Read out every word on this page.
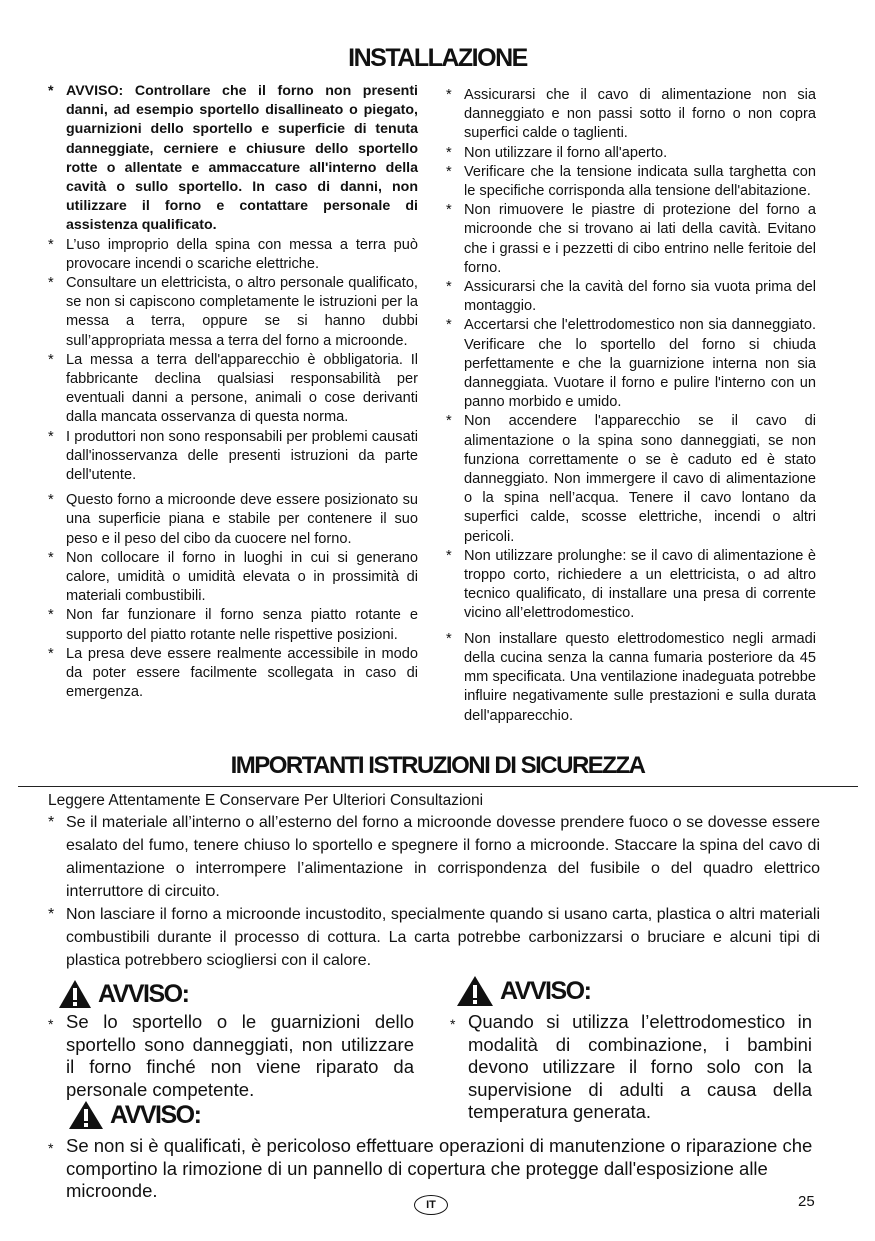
INSTALLAZIONE

* AVVISO: Controllare che il forno non presenti danni, ad esempio sportello disallineato o piegato, guarnizioni dello sportello e superficie di tenuta danneggiate, cerniere e chiusure dello sportello rotte o allentate e ammaccature all'interno della cavità o sullo sportello. In caso di danni, non utilizzare il forno e contattare personale di assistenza qualificato.

* L’uso improprio della spina con messa a terra può provocare incendi o scariche elettriche.

* Consultare un elettricista, o altro personale qualificato, se non si capiscono completamente le istruzioni per la messa a terra, oppure se si hanno dubbi sull’appropriata messa a terra del forno a microonde.

* La messa a terra dell'apparecchio è obbligatoria. Il fabbricante declina qualsiasi responsabilità per eventuali danni a persone, animali o cose derivanti dalla mancata osservanza di questa norma.

* I produttori non sono responsabili per problemi causati dall'inosservanza delle presenti istruzioni da parte dell'utente.

* Questo forno a microonde deve essere posizionato su una superficie piana e stabile per contenere il suo peso e il peso del cibo da cuocere nel forno.

* Non collocare il forno in luoghi in cui si generano calore, umidità o umidità elevata o in prossimità di materiali combustibili.

* Non far funzionare il forno senza piatto rotante e supporto del piatto rotante nelle rispettive posizioni.

* La presa deve essere realmente accessibile in modo da poter essere facilmente scollegata in caso di emergenza.

* Assicurarsi che il cavo di alimentazione non sia danneggiato e non passi sotto il forno o non copra superfici calde o taglienti.

* Non utilizzare il forno all'aperto.

* Verificare che la tensione indicata sulla targhetta con le specifiche corrisponda alla tensione dell'abitazione.

* Non rimuovere le piastre di protezione del forno a microonde che si trovano ai lati della cavità. Evitano che i grassi e i pezzetti di cibo entrino nelle feritoie del forno.

* Assicurarsi che la cavità del forno sia vuota prima del montaggio.

* Accertarsi che l'elettrodomestico non sia danneggiato. Verificare che lo sportello del forno si chiuda perfettamente e che la guarnizione interna non sia danneggiata. Vuotare il forno e pulire l'interno con un panno morbido e umido.

* Non accendere l'apparecchio se il cavo di alimentazione o la spina sono danneggiati, se non funziona correttamente o se è caduto ed è stato danneggiato. Non immergere il cavo di alimentazione o la spina nell’acqua. Tenere il cavo lontano da superfici calde, scosse elettriche, incendi o altri pericoli.

* Non utilizzare prolunghe: se il cavo di alimentazione è troppo corto, richiedere a un elettricista, o ad altro tecnico qualificato, di installare una presa di corrente vicino all’elettrodomestico.

* Non installare questo elettrodomestico negli armadi della cucina senza la canna fumaria posteriore da 45 mm specificata. Una ventilazione inadeguata potrebbe influire negativamente sulle prestazioni e sulla durata dell'apparecchio.

IMPORTANTI ISTRUZIONI DI SICUREZZA

Leggere Attentamente E Conservare Per Ulteriori Consultazioni

* Se il materiale all’interno o all’esterno del forno a microonde dovesse prendere fuoco o se dovesse essere esalato del fumo, tenere chiuso lo sportello e spegnere il forno a microonde. Staccare la spina del cavo di alimentazione o interrompere l’alimentazione in corrispondenza del fusibile o del quadro elettrico interruttore di circuito.

* Non lasciare il forno a microonde incustodito, specialmente quando si usano carta, plastica o altri materiali combustibili durante il processo di cottura. La carta potrebbe carbonizzarsi o bruciare e alcuni tipi di plastica potrebbero sciogliersi con il calore.

AVVISO:

* Se lo sportello o le guarnizioni dello sportello sono danneggiati, non utilizzare il forno finché non viene riparato da personale competente.

AVVISO:

* Quando si utilizza l’elettrodomestico in modalità di combinazione, i bambini devono utilizzare il forno solo con la supervisione di adulti a causa della temperatura generata.

AVVISO:

* Se non si è qualificati, è pericoloso effettuare operazioni di manutenzione o riparazione che comportino la rimozione di un pannello di copertura che protegge dall'esposizione alle microonde.

IT	25
